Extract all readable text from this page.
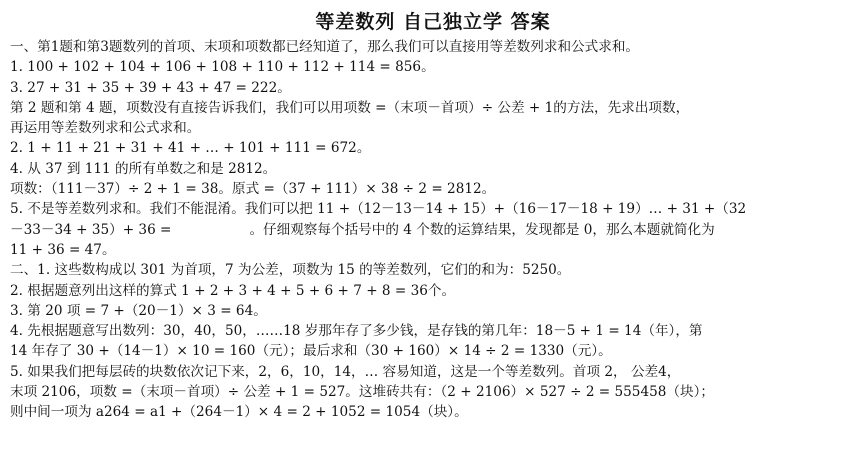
等差数列 自己独立学 答案
一、第1题和第3题数列的首项、末项和项数都已经知道了，那么我们可以直接用等差数列求和公式求和。
1. 100 + 102 + 104 + 106 + 108 + 110 + 112 + 114 = 856。
3. 27 + 31 + 35 + 39 + 43 + 47 = 222。
第 2 题和第 4 题，项数没有直接告诉我们，我们可以用项数 =（末项－首项）÷ 公差 + 1的方法，先求出项数，
再运用等差数列求和公式求和。
2. 1 + 11 + 21 + 31 + 41 + … + 101 + 111 = 672。
4. 从 37 到 111 的所有单数之和是 2812。
项数：（111－37）÷ 2 + 1 = 38。原式 =（37 + 111）× 38 ÷ 2 = 2812。
5. 不是等差数列求和。我们不能混淆。我们可以把 11 +（12－13－14 + 15）+（16－17－18 + 19）… + 31 +（32
－33－34 + 35）+ 36 =	。仔细观察每个括号中的 4 个数的运算结果，发现都是 0，那么本题就简化为
11 + 36 = 47。
二、1. 这些数构成以 301 为首项，7 为公差，项数为 15 的等差数列，它们的和为：5250。
2. 根据题意列出这样的算式 1 + 2 + 3 + 4 + 5 + 6 + 7 + 8 = 36个。
3. 第 20 项 = 7 +（20－1）× 3 = 64。
4. 先根据题意写出数列：30，40，50，……18 岁那年存了多少钱，是存钱的第几年：18－5 + 1 = 14（年），第
14 年存了 30 +（14－1）× 10 = 160（元）；最后求和（30 + 160）× 14 ÷ 2 = 1330（元）。
5. 如果我们把每层砖的块数依次记下来，2，6，10，14，… 容易知道，这是一个等差数列。首项 2， 公差4，
末项 2106，项数 =（末项－首项）÷ 公差 + 1 = 527。这堆砖共有：（2 + 2106）× 527 ÷ 2 = 555458（块）；
则中间一项为 a264 = a1 +（264－1）× 4 = 2 + 1052 = 1054（块）。
